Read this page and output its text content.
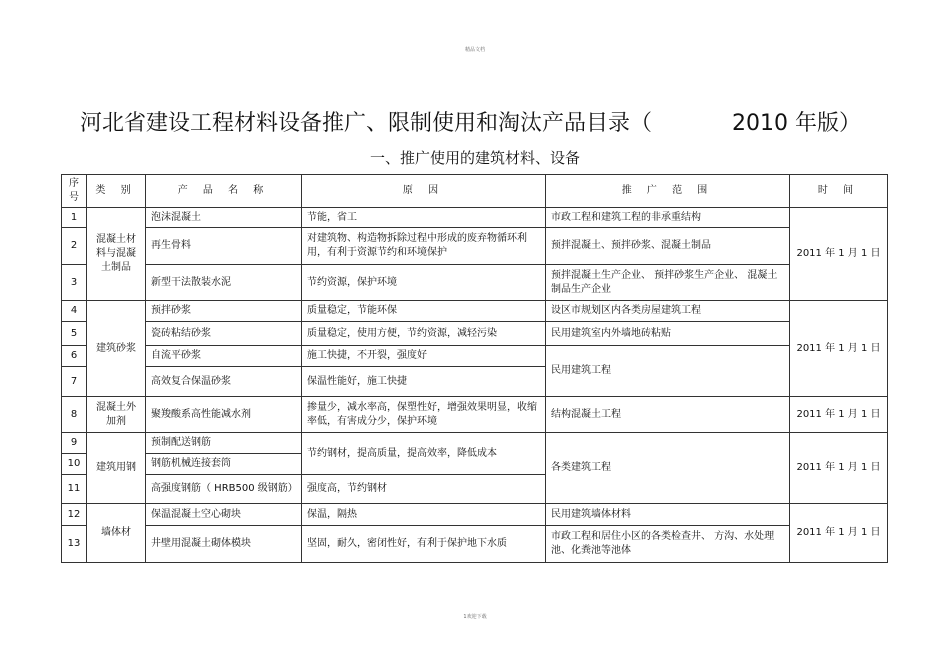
精品文档
河北省建设工程材料设备推广、限制使用和淘汰产品目录（	2010 年版）
一、推广使用的建筑材料、设备
序号	类 别	产 品 名 称	原 因	推 广 范 围	时 间
1	混凝土材料与混凝土制品	泡沫混凝土	节能，省工	市政工程和建筑工程的非承重结构	2011 年 1 月 1 日
2		再生骨料	对建筑物、构造物拆除过程中形成的废弃物循环利用，有利于资源节约和环境保护	预拌混凝土、预拌砂浆、混凝土制品	
3		新型干法散装水泥	节约资源，保护环境	预拌混凝土生产企业、 预拌砂浆生产企业、 混凝土制品生产企业	
4	建筑砂浆	预拌砂浆	质量稳定，节能环保	设区市规划区内各类房屋建筑工程	2011 年 1 月 1 日
5		瓷砖粘结砂浆	质量稳定，使用方便，节约资源，减轻污染	民用建筑室内外墙地砖粘贴	
6		自流平砂浆	施工快捷，不开裂，强度好	民用建筑工程	
7		高效复合保温砂浆	保温性能好，施工快捷		
8	混凝土外加剂	聚羧酸系高性能减水剂	掺量少，减水率高，保塑性好，增强效果明显，收缩率低，有害成分少，保护环境	结构混凝土工程	2011 年 1 月 1 日
9	建筑用钢	预制配送钢筋	节约钢材，提高质量，提高效率，降低成本	各类建筑工程	2011 年 1 月 1 日
10		钢筋机械连接套筒			
11		高强度钢筋（ HRB500 级钢筋）	强度高，节约钢材		
12	墙体材	保温混凝土空心砌块	保温，隔热	民用建筑墙体材料	2011 年 1 月 1 日
13		井壁用混凝土砌体模块	坚固，耐久，密闭性好，有利于保护地下水质	市政工程和居住小区的各类检查井、 方沟、水处理池、化粪池等池体	
1欢迎下载
